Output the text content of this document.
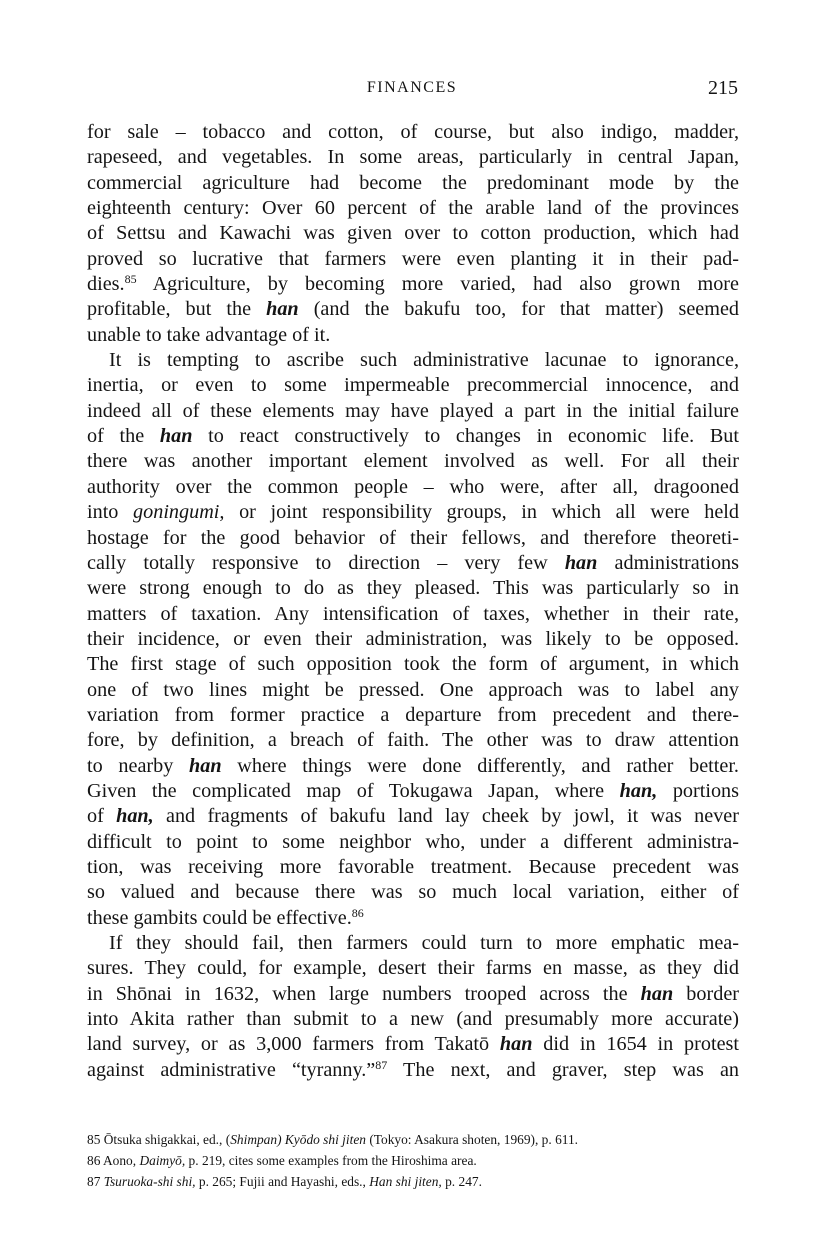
FINANCES	215
for sale – tobacco and cotton, of course, but also indigo, madder,
rapeseed, and vegetables. In some areas, particularly in central Japan,
commercial agriculture had become the predominant mode by the
eighteenth century: Over 60 percent of the arable land of the provinces
of Settsu and Kawachi was given over to cotton production, which had
proved so lucrative that farmers were even planting it in their pad-
dies.$^{85}$ Agriculture, by becoming more varied, had also grown more
profitable, but the han (and the bakufu too, for that matter) seemed
unable to take advantage of it.
It is tempting to ascribe such administrative lacunae to ignorance,
inertia, or even to some impermeable precommercial innocence, and
indeed all of these elements may have played a part in the initial failure
of the han to react constructively to changes in economic life. But
there was another important element involved as well. For all their
authority over the common people – who were, after all, dragooned
into goningumi, or joint responsibility groups, in which all were held
hostage for the good behavior of their fellows, and therefore theoreti-
cally totally responsive to direction – very few han administrations
were strong enough to do as they pleased. This was particularly so in
matters of taxation. Any intensification of taxes, whether in their rate,
their incidence, or even their administration, was likely to be opposed.
The first stage of such opposition took the form of argument, in which
one of two lines might be pressed. One approach was to label any
variation from former practice a departure from precedent and there-
fore, by definition, a breach of faith. The other was to draw attention
to nearby han where things were done differently, and rather better.
Given the complicated map of Tokugawa Japan, where han, portions
of han, and fragments of bakufu land lay cheek by jowl, it was never
difficult to point to some neighbor who, under a different administra-
tion, was receiving more favorable treatment. Because precedent was
so valued and because there was so much local variation, either of
these gambits could be effective.$^{86}$
If they should fail, then farmers could turn to more emphatic mea-
sures. They could, for example, desert their farms en masse, as they did
in Shōnai in 1632, when large numbers trooped across the han border
into Akita rather than submit to a new (and presumably more accurate)
land survey, or as 3,000 farmers from Takatō han did in 1654 in protest
against administrative “tyranny.”$^{87}$ The next, and graver, step was an
85 Ōtsuka shigakkai, ed., (Shimpan) Kyōdo shi jiten (Tokyo: Asakura shoten, 1969), p. 611.
86 Aono, Daimyō, p. 219, cites some examples from the Hiroshima area.
87 Tsuruoka-shi shi, p. 265; Fujii and Hayashi, eds., Han shi jiten, p. 247.
